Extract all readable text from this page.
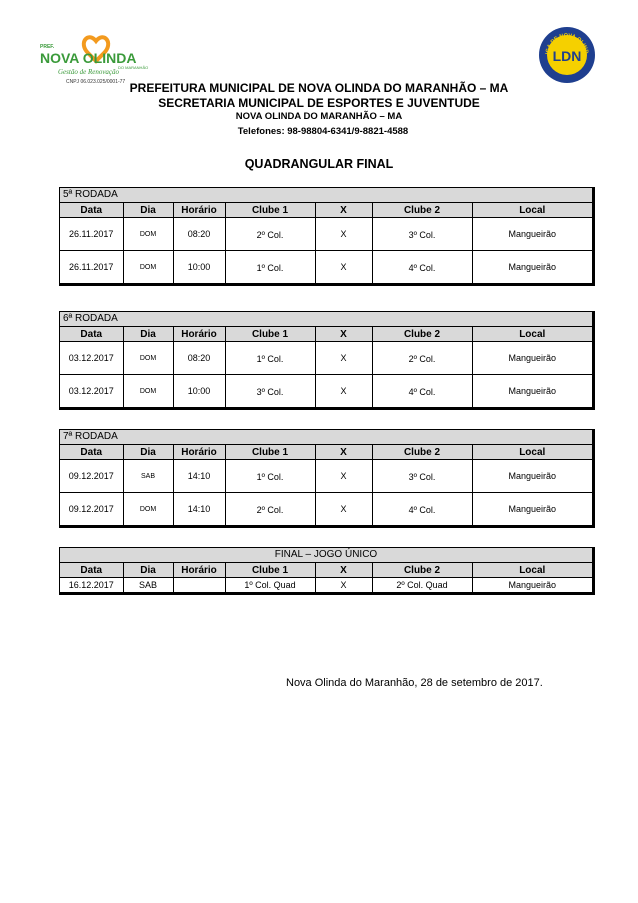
PREF.
NOVA OLINDA
DO MARANHÃO
Gestão de Renovação
CNPJ 06.023.025/0001-77
IGA DE NOVA OLIND
LDN
PREFEITURA MUNICIPAL DE NOVA OLINDA DO MARANHÃO – MA
SECRETARIA MUNICIPAL DE ESPORTES E JUVENTUDE
NOVA OLINDA DO MARANHÃO – MA
Telefones: 98-98804-6341/9-8821-4588
QUADRANGULAR FINAL
5ª RODADA
Data	Dia	Horário	Clube 1	X	Clube 2	Local
26.11.2017	DOM	08:20	2º Col.	X	3º Col.	Mangueirão
26.11.2017	DOM	10:00	1º Col.	X	4º Col.	Mangueirão
6ª RODADA
Data	Dia	Horário	Clube 1	X	Clube 2	Local
03.12.2017	DOM	08:20	1º Col.	X	2º Col.	Mangueirão
03.12.2017	DOM	10:00	3º Col.	X	4º Col.	Mangueirão
7ª RODADA
Data	Dia	Horário	Clube 1	X	Clube 2	Local
09.12.2017	SAB	14:10	1º Col.	X	3º Col.	Mangueirão
09.12.2017	DOM	14:10	2º Col.	X	4º Col.	Mangueirão
FINAL – JOGO ÚNICO
Data	Dia	Horário	Clube 1	X	Clube 2	Local
16.12.2017	SAB		1º Col. Quad	X	2º Col. Quad	Mangueirão
Nova Olinda do Maranhão, 28 de setembro de 2017.
